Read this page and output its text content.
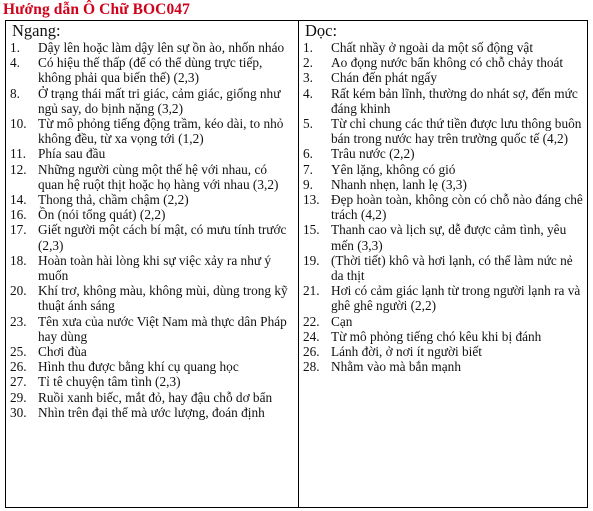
Hướng dẫn Ô Chữ BOC047
Ngang:
1.	Dậy lên hoặc làm dậy lên sự ồn ào, nhốn nháo
4.	Có hiệu thế thấp (để có thể dùng trực tiếp, không phải qua biến thế) (2,3)
8.	Ở trạng thái mất tri giác, cảm giác, giống như ngủ say, do bịnh nặng (3,2)
10. Từ mô phỏng tiếng động trầm, kéo dài, to nhỏ không đều, từ xa vọng tới (1,2)
11. Phía sau đầu
12. Những người cùng một thế hệ với nhau, có quan hệ ruột thịt hoặc họ hàng với nhau (3,2)
14. Thong thả, chầm chậm (2,2)
16. Ồn (nói tổng quát) (2,2)
17. Giết người một cách bí mật, có mưu tính trước (2,3)
18. Hoàn toàn hài lòng khi sự việc xảy ra như ý muốn
20. Khí trơ, không màu, không mùi, dùng trong kỹ thuật ánh sáng
23. Tên xưa của nước Việt Nam mà thực dân Pháp hay dùng
25. Chơi đùa
26. Hình thu được bằng khí cụ quang học
27. Tỉ tê chuyện tâm tình (2,3)
29. Ruồi xanh biếc, mắt đỏ, hay đậu chỗ dơ bẩn
30. Nhìn trên đại thể mà ước lượng, đoán định
Dọc:
1.	Chất nhầy ở ngoài da một số động vật
2.	Ao đọng nước bẩn không có chỗ chảy thoát
3.	Chán đến phát ngấy
4.	Rất kém bản lĩnh, thường do nhát sợ, đến mức đáng khinh
5.	Từ chỉ chung các thứ tiền được lưu thông buôn bán trong nước hay trên trường quốc tế (4,2)
6.	Trâu nước (2,2)
7.	Yên lặng, không có gió
9.	Nhanh nhẹn, lanh lẹ (3,3)
13. Đẹp hoàn toàn, không còn có chỗ nào đáng chê trách (4,2)
15. Thanh cao và lịch sự, dễ được cảm tình, yêu mến (3,3)
19. (Thời tiết) khô và hơi lạnh, có thể làm nức nẻ da thịt
21. Hơi có cảm giác lạnh từ trong người lạnh ra và ghê ghê người (2,2)
22. Cạn
24. Từ mô phỏng tiếng chó kêu khi bị đánh
26. Lánh đời, ở nơi ít người biết
28. Nhằm vào mà bắn mạnh
